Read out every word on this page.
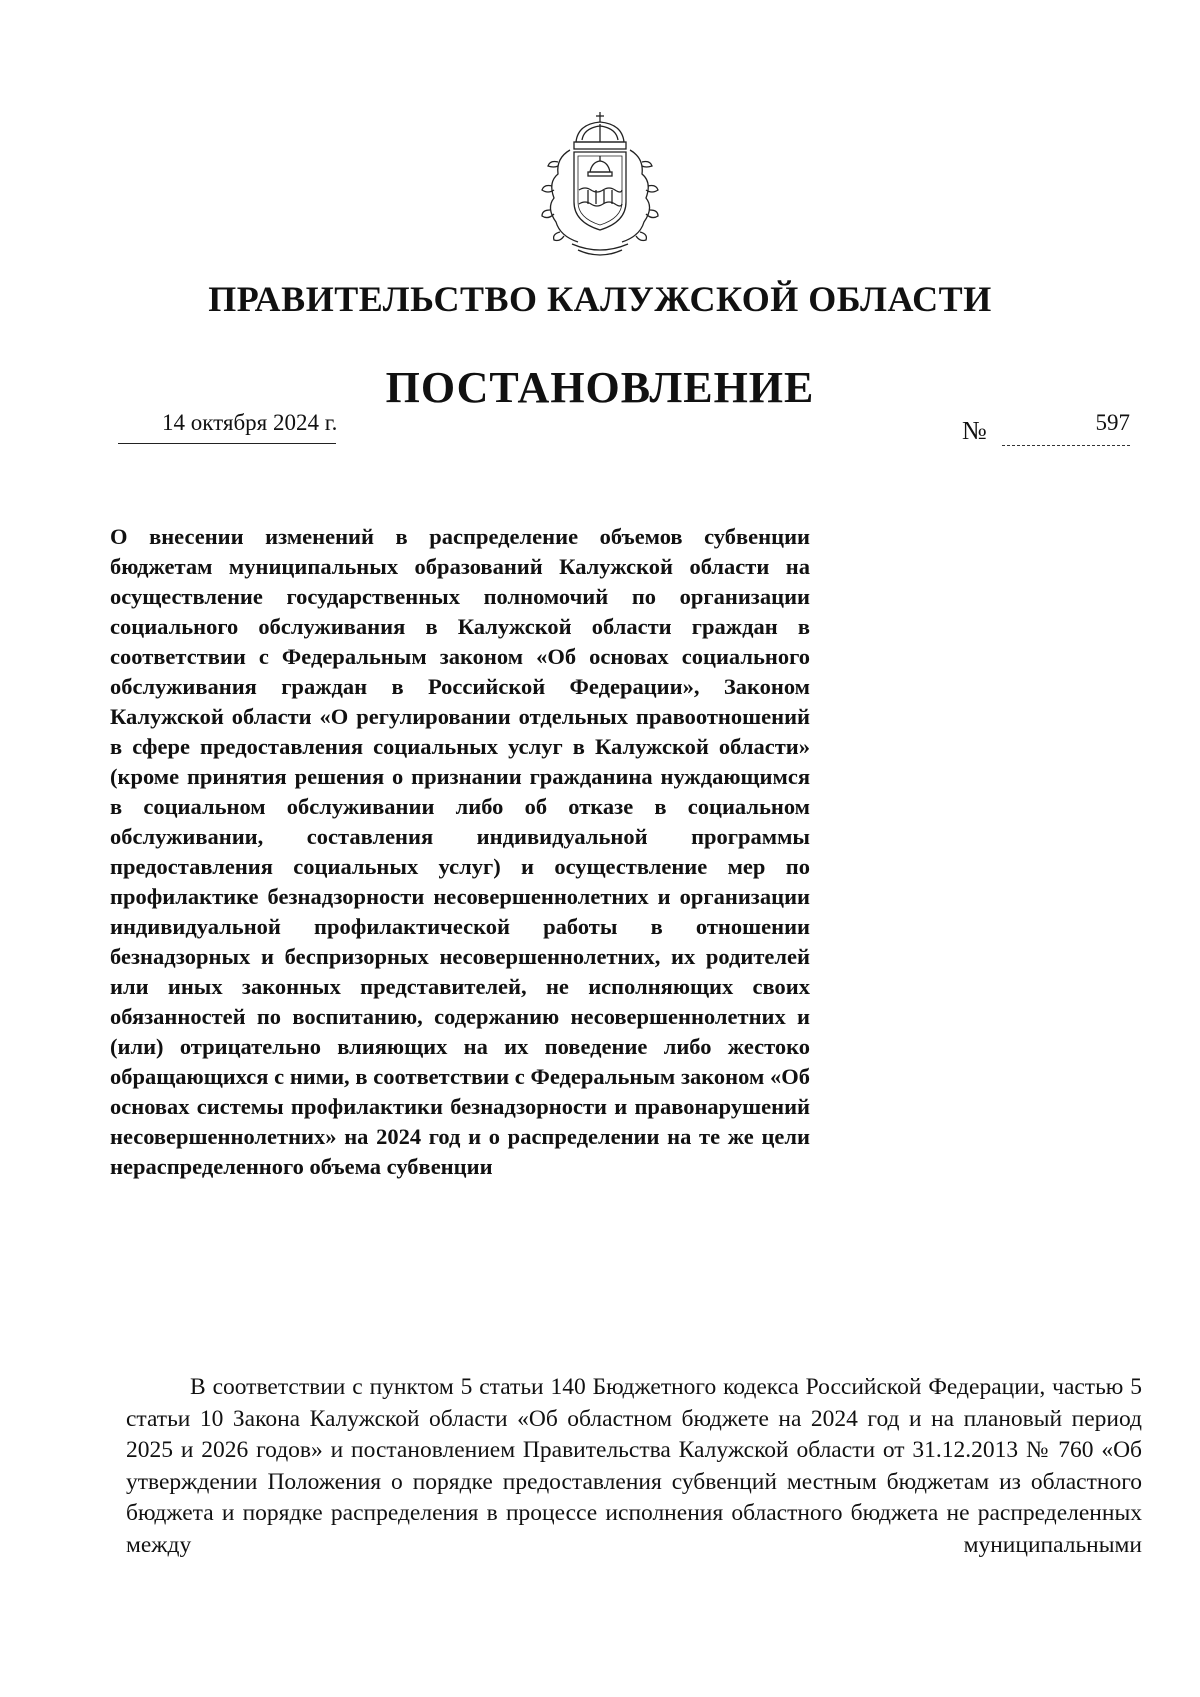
ПРАВИТЕЛЬСТВО КАЛУЖСКОЙ ОБЛАСТИ
ПОСТАНОВЛЕНИЕ
14 октября 2024 г.	№	597
О внесении изменений в распределение объемов субвенции бюджетам муниципальных образований Калужской области на осуществление государственных полномочий по организации социального обслуживания в Калужской области граждан в соответствии с Федеральным законом «Об основах социального обслуживания граждан в Российской Федерации», Законом Калужской области «О регулировании отдельных правоотношений в сфере предоставления социальных услуг в Калужской области» (кроме принятия решения о признании гражданина нуждающимся в социальном обслуживании либо об отказе в социальном обслуживании, составления индивидуальной программы предоставления социальных услуг) и осуществление мер по профилактике безнадзорности несовершеннолетних и организации индивидуальной профилактической работы в отношении безнадзорных и беспризорных несовершеннолетних, их родителей или иных законных представителей, не исполняющих своих обязанностей по воспитанию, содержанию несовершеннолетних и (или) отрицательно влияющих на их поведение либо жестоко обращающихся с ними, в соответствии с Федеральным законом «Об основах системы профилактики безнадзорности и правонарушений несовершеннолетних» на 2024 год и о распределении на те же цели нераспределенного объема субвенции
В соответствии с пунктом 5 статьи 140 Бюджетного кодекса Российской Федерации, частью 5 статьи 10 Закона Калужской области «Об областном бюджете на 2024 год и на плановый период 2025 и 2026 годов» и постановлением Правительства Калужской области от 31.12.2013 № 760 «Об утверждении Положения о порядке предоставления субвенций местным бюджетам из областного бюджета и порядке распределения в процессе исполнения областного бюджета не распределенных между муниципальными
